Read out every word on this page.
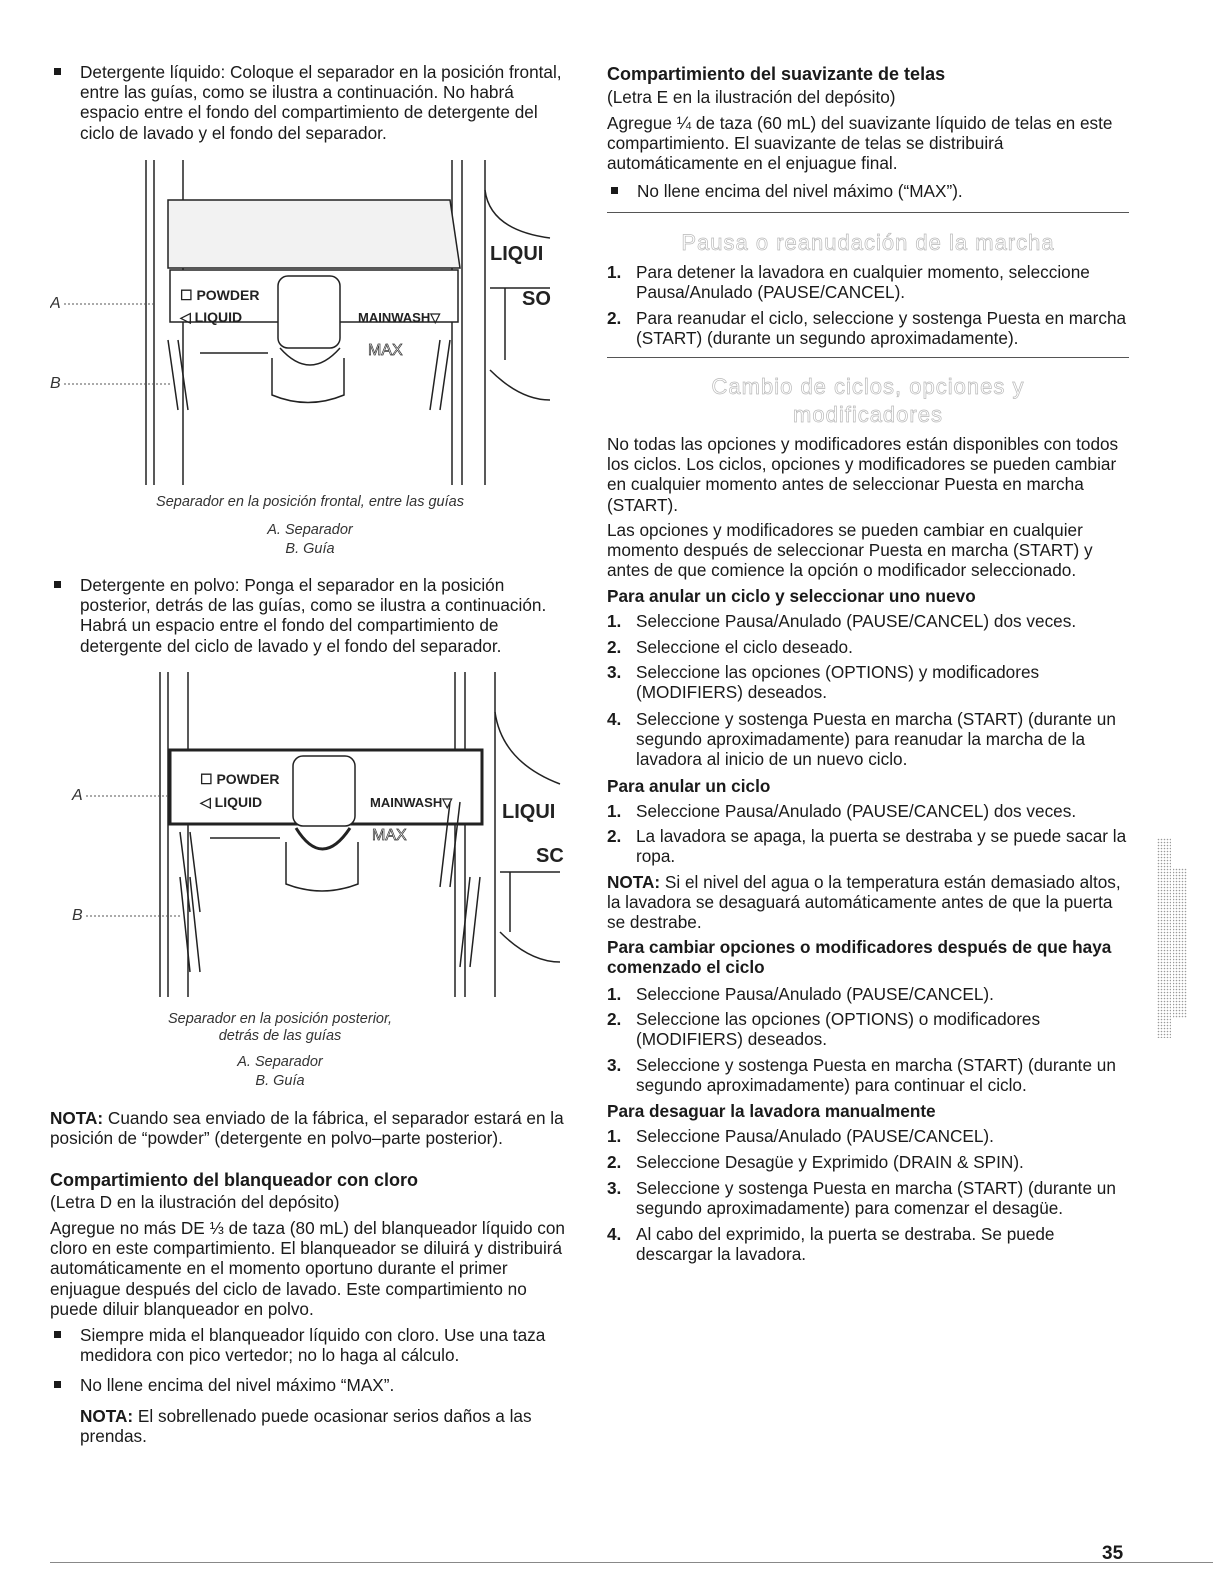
Detergente líquido: Coloque el separador en la posición frontal, entre las guías, como se ilustra a continuación. No habrá espacio entre el fondo del compartimiento de detergente del ciclo de lavado y el fondo del separador.

A
B
☐ POWDER
◁ LIQUID	MAINWASH▽
MAX
LIQUI
SO

Separador en la posición frontal, entre las guías

A. Separador

B. Guía

Detergente en polvo: Ponga el separador en la posición posterior, detrás de las guías, como se ilustra a continuación. Habrá un espacio entre el fondo del compartimiento de detergente del ciclo de lavado y el fondo del separador.

A
B
☐ POWDER
◁ LIQUID	MAINWASH▽
MAX
LIQUI
SC

Separador en la posición posterior,

detrás de las guías

A. Separador

B. Guía

NOTA: Cuando sea enviado de la fábrica, el separador estará en la posición de “powder” (detergente en polvo–parte posterior).

Compartimiento del blanqueador con cloro

(Letra D en la ilustración del depósito)

Agregue no más DE ⅓ de taza (80 mL) del blanqueador líquido con cloro en este compartimiento. El blanqueador se diluirá y distribuirá automáticamente en el momento oportuno durante el primer enjuague después del ciclo de lavado. Este compartimiento no puede diluir blanqueador en polvo.

Siempre mida el blanqueador líquido con cloro. Use una taza medidora con pico vertedor; no lo haga al cálculo.

No llene encima del nivel máximo “MAX”.

NOTA: El sobrellenado puede ocasionar serios daños a las prendas.

Compartimiento del suavizante de telas

(Letra E en la ilustración del depósito)

Agregue ¼ de taza (60 mL) del suavizante líquido de telas en este compartimiento. El suavizante de telas se distribuirá automáticamente en el enjuague final.

No llene encima del nivel máximo (“MAX”).

Pausa o reanudación de la marcha

1. Para detener la lavadora en cualquier momento, seleccione Pausa/Anulado (PAUSE/CANCEL).

2. Para reanudar el ciclo, seleccione y sostenga Puesta en marcha (START) (durante un segundo aproximadamente).

Cambio de ciclos, opciones y

modificadores

No todas las opciones y modificadores están disponibles con todos los ciclos. Los ciclos, opciones y modificadores se pueden cambiar en cualquier momento antes de seleccionar Puesta en marcha (START).

Las opciones y modificadores se pueden cambiar en cualquier momento después de seleccionar Puesta en marcha (START) y antes de que comience la opción o modificador seleccionado.

Para anular un ciclo y seleccionar uno nuevo

1. Seleccione Pausa/Anulado (PAUSE/CANCEL) dos veces.

2. Seleccione el ciclo deseado.

3. Seleccione las opciones (OPTIONS) y modificadores (MODIFIERS) deseados.

4. Seleccione y sostenga Puesta en marcha (START) (durante un segundo aproximadamente) para reanudar la marcha de la lavadora al inicio de un nuevo ciclo.

Para anular un ciclo

1. Seleccione Pausa/Anulado (PAUSE/CANCEL) dos veces.

2. La lavadora se apaga, la puerta se destraba y se puede sacar la ropa.

NOTA: Si el nivel del agua o la temperatura están demasiado altos, la lavadora se desaguará automáticamente antes de que la puerta se destrabe.

Para cambiar opciones o modificadores después de que haya comenzado el ciclo

1. Seleccione Pausa/Anulado (PAUSE/CANCEL).

2. Seleccione las opciones (OPTIONS) o modificadores (MODIFIERS) deseados.

3. Seleccione y sostenga Puesta en marcha (START) (durante un segundo aproximadamente) para continuar el ciclo.

Para desaguar la lavadora manualmente

1. Seleccione Pausa/Anulado (PAUSE/CANCEL).

2. Seleccione Desagüe y Exprimido (DRAIN & SPIN).

3. Seleccione y sostenga Puesta en marcha (START) (durante un segundo aproximadamente) para comenzar el desagüe.

4. Al cabo del exprimido, la puerta se destraba. Se puede descargar la lavadora.

35
